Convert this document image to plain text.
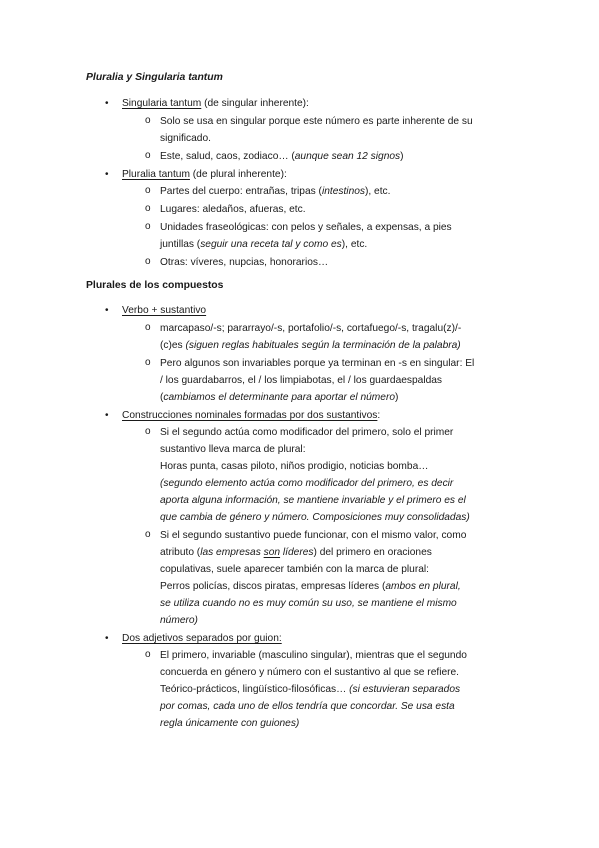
Pluralia y Singularia tantum
• Singularia tantum (de singular inherente):
o Solo se usa en singular porque este número es parte inherente de su
significado.
o Este, salud, caos, zodiaco… (aunque sean 12 signos)
• Pluralia tantum (de plural inherente):
o Partes del cuerpo: entrañas, tripas (intestinos), etc.
o Lugares: aledaños, afueras, etc.
o Unidades fraseológicas: con pelos y señales, a expensas, a pies
juntillas (seguir una receta tal y como es), etc.
o Otras: víveres, nupcias, honorarios…
Plurales de los compuestos
• Verbo + sustantivo
o marcapaso/-s; pararrayo/-s, portafolio/-s, cortafuego/-s, tragalu(z)/-
(c)es (siguen reglas habituales según la terminación de la palabra)
o Pero algunos son invariables porque ya terminan en -s en singular: El
/ los guardabarros, el / los limpiabotas, el / los guardaespaldas
(cambiamos el determinante para aportar el número)
• Construcciones nominales formadas por dos sustantivos:
o Si el segundo actúa como modificador del primero, solo el primer
sustantivo lleva marca de plural:
Horas punta, casas piloto, niños prodigio, noticias bomba…
(segundo elemento actúa como modificador del primero, es decir
aporta alguna información, se mantiene invariable y el primero es el
que cambia de género y número. Composiciones muy consolidadas)
o Si el segundo sustantivo puede funcionar, con el mismo valor, como
atributo (las empresas son líderes) del primero en oraciones
copulativas, suele aparecer también con la marca de plural:
Perros policías, discos piratas, empresas líderes (ambos en plural,
se utiliza cuando no es muy común su uso, se mantiene el mismo
número)
• Dos adjetivos separados por guion:
o El primero, invariable (masculino singular), mientras que el segundo
concuerda en género y número con el sustantivo al que se refiere.
Teórico-prácticos, lingüístico-filosóficas… (si estuvieran separados
por comas, cada uno de ellos tendría que concordar. Se usa esta
regla únicamente con guiones)
